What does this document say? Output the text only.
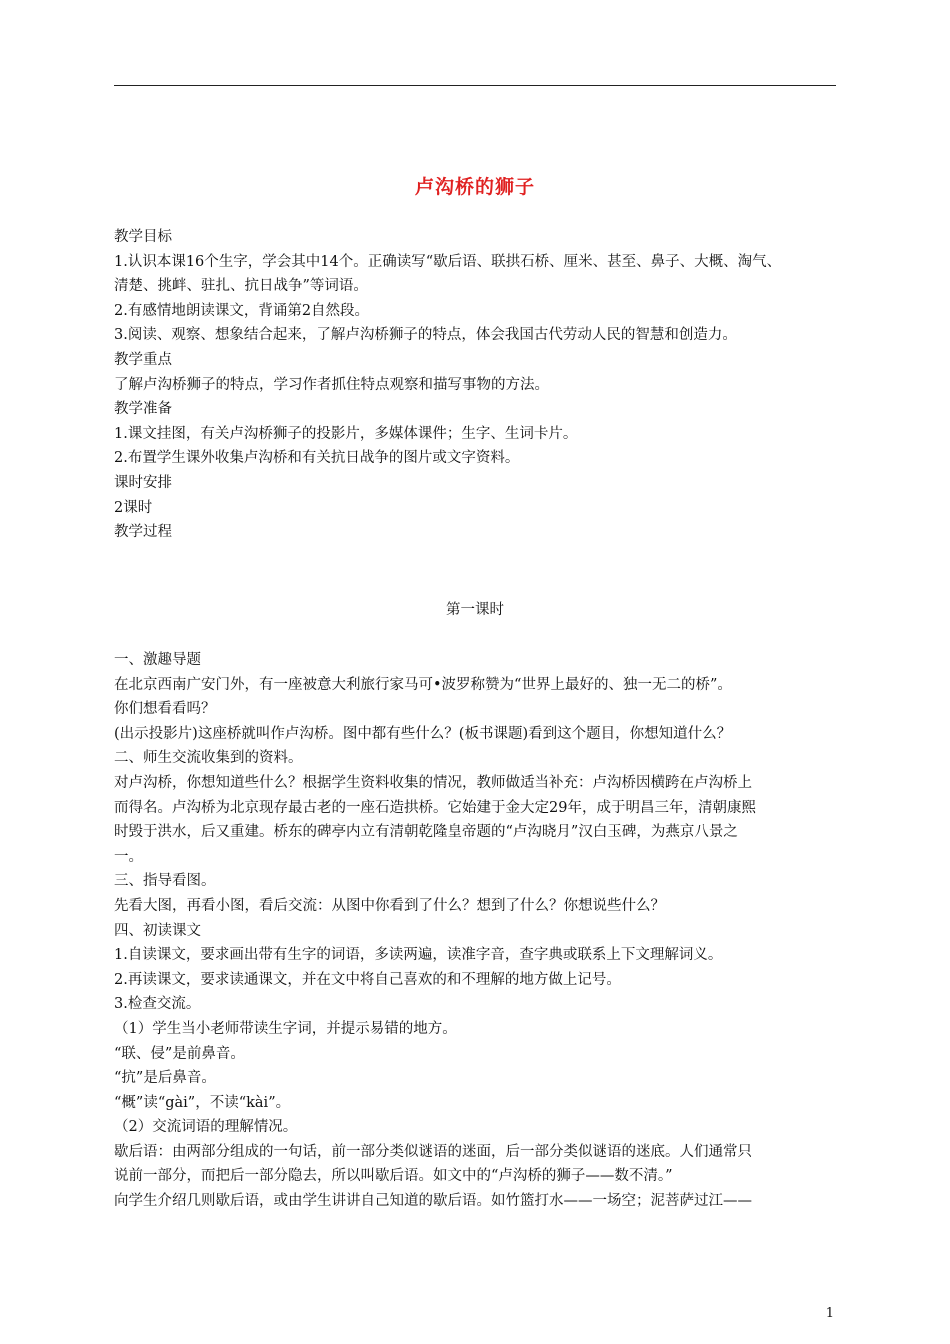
卢沟桥的狮子
教学目标
1.认识本课16个生字，学会其中14个。正确读写“歇后语、联拱石桥、厘米、甚至、鼻子、大概、淘气、
清楚、挑衅、驻扎、抗日战争”等词语。
2.有感情地朗读课文，背诵第2自然段。
3.阅读、观察、想象结合起来，了解卢沟桥狮子的特点，体会我国古代劳动人民的智慧和创造力。
教学重点
了解卢沟桥狮子的特点，学习作者抓住特点观察和描写事物的方法。
教学准备
1.课文挂图，有关卢沟桥狮子的投影片，多媒体课件；生字、生词卡片。
2.布置学生课外收集卢沟桥和有关抗日战争的图片或文字资料。
课时安排
2课时
教学过程
第一课时
一、激趣导题
在北京西南广安门外，有一座被意大利旅行家马可•波罗称赞为“世界上最好的、独一无二的桥”。
你们想看看吗？
(出示投影片)这座桥就叫作卢沟桥。图中都有些什么？(板书课题)看到这个题目，你想知道什么？
二、师生交流收集到的资料。
对卢沟桥，你想知道些什么？根据学生资料收集的情况，教师做适当补充：卢沟桥因横跨在卢沟桥上
而得名。卢沟桥为北京现存最古老的一座石造拱桥。它始建于金大定29年，成于明昌三年，清朝康熙
时毁于洪水，后又重建。桥东的碑亭内立有清朝乾隆皇帝题的“卢沟晓月”汉白玉碑，为燕京八景之
一。
三、指导看图。
先看大图，再看小图，看后交流：从图中你看到了什么？想到了什么？你想说些什么？
四、初读课文
1.自读课文，要求画出带有生字的词语，多读两遍，读准字音，查字典或联系上下文理解词义。
2.再读课文，要求读通课文，并在文中将自己喜欢的和不理解的地方做上记号。
3.检查交流。
（1）学生当小老师带读生字词，并提示易错的地方。
“联、侵”是前鼻音。
“抗”是后鼻音。
“概”读“gài”，不读“kài”。
（2）交流词语的理解情况。
歇后语：由两部分组成的一句话，前一部分类似谜语的迷面，后一部分类似谜语的迷底。人们通常只
说前一部分，而把后一部分隐去，所以叫歇后语。如文中的“卢沟桥的狮子——数不清。”
向学生介绍几则歇后语，或由学生讲讲自己知道的歇后语。如竹篮打水——一场空；泥菩萨过江——
1
